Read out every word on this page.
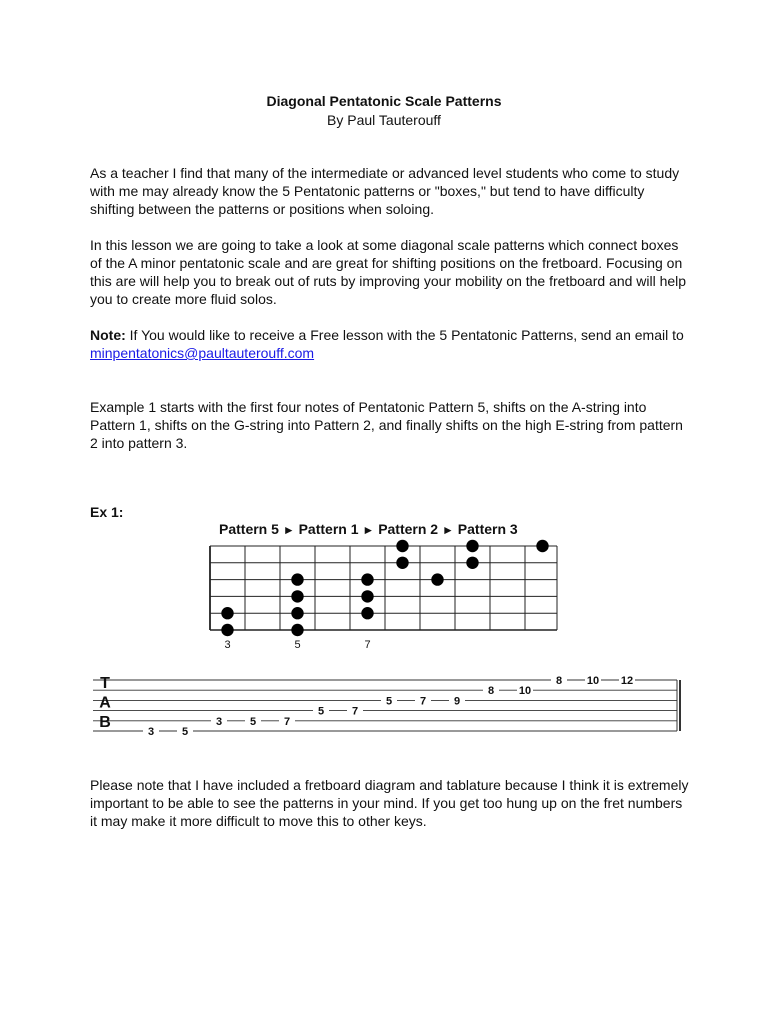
Diagonal Pentatonic Scale Patterns
By Paul Tauterouff

As a teacher I find that many of the intermediate or advanced level students who come to study with me may already know the 5 Pentatonic patterns or "boxes," but tend to have difficulty shifting between the patterns or positions when soloing.

In this lesson we are going to take a look at some diagonal scale patterns which connect boxes of the A minor pentatonic scale and are great for shifting positions on the fretboard. Focusing on this are will help you to break out of ruts by improving your mobility on the fretboard and will help you to create more fluid solos.

Note: If You would like to receive a Free lesson with the 5 Pentatonic Patterns, send an email to minpentatonics@paultauterouff.com

Example 1 starts with the first four notes of Pentatonic Pattern 5, shifts on the A-string into Pattern 1, shifts on the G-string into Pattern 2, and finally shifts on the high E-string from pattern 2 into pattern 3.

Ex 1:
Pattern 5 ► Pattern 1 ► Pattern 2 ► Pattern 3
3	5	7
T
A
B
3	5
3	5	7
5	7
5	7	9
8 10
8 10 12

Please note that I have included a fretboard diagram and tablature because I think it is extremely important to be able to see the patterns in your mind. If you get too hung up on the fret numbers it may make it more difficult to move this to other keys.
